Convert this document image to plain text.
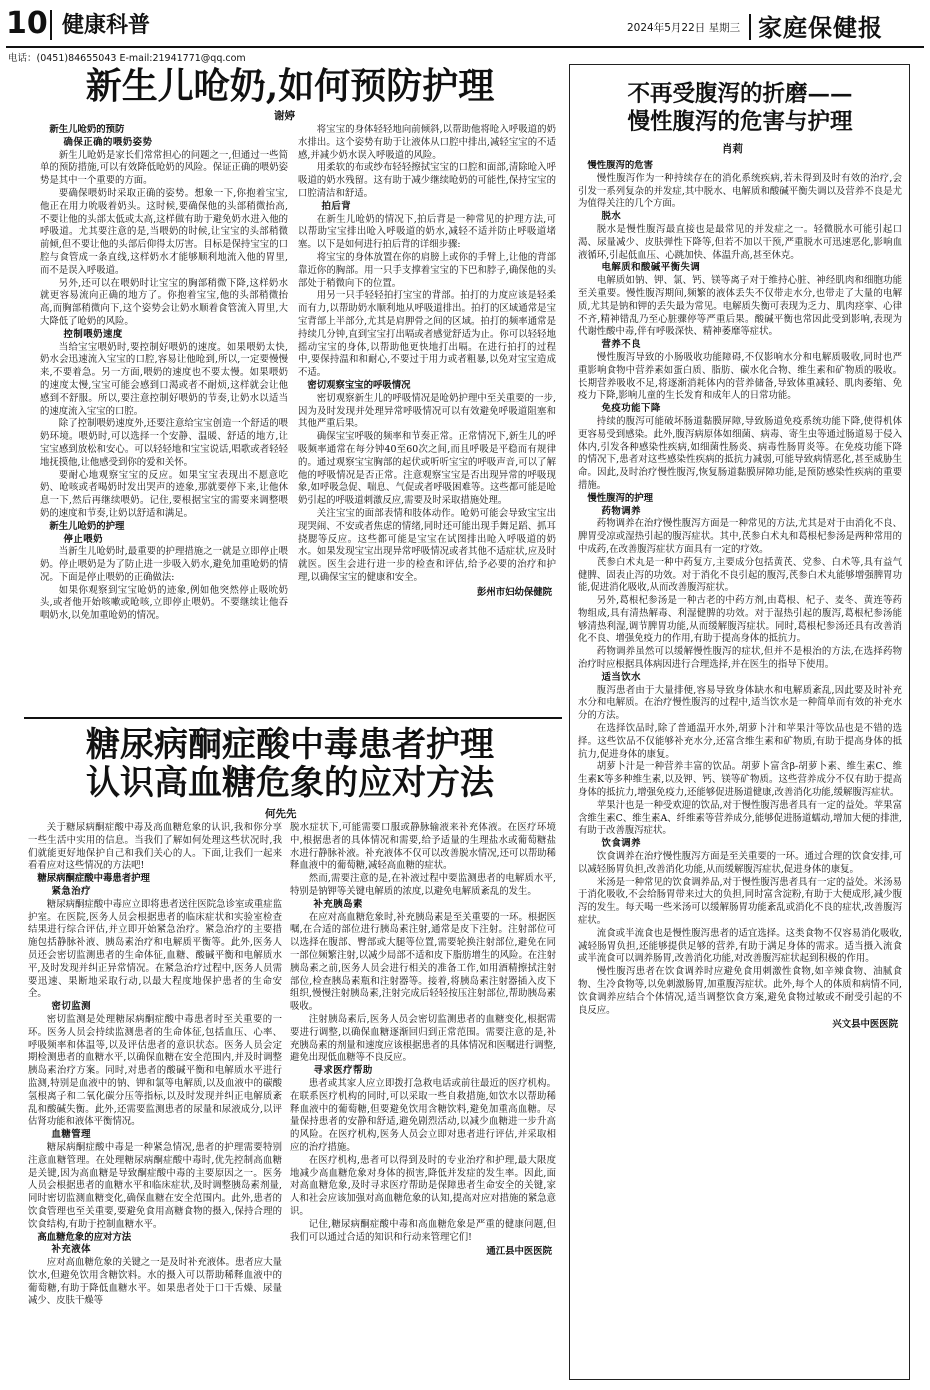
10 健康科普	2024年5月22日 星期三 家庭保健报
电话：(0451)84655043 E-mail:21941771@qq.com
新生儿呛奶,如何预防护理
谢婷

新生儿呛奶的预防

确保正确的喂奶姿势

新生儿呛奶是家长们常常担心的问题之一,但通过一些简单的预防措施,可以有效降低呛奶的风险。保证正确的喂奶姿势是其中一个重要的方面。

要确保喂奶时采取正确的姿势。想象一下,你抱着宝宝,他正在用力吮吸着奶头。这时候,要确保他的头部稍微抬高,不要让他的头部太低或太高,这样做有助于避免奶水进入他的呼吸道。尤其要注意的是,当喂奶的时候,让宝宝的头部稍微前倾,但不要让他的头部后仰得太厉害。目标是保持宝宝的口腔与食管成一条直线,这样奶水才能够顺利地流入他的胃里,而不是误入呼吸道。

另外,还可以在喂奶时让宝宝的胸部稍微下降,这样奶水就更容易流向正确的地方了。你抱着宝宝,他的头部稍微抬高,而胸部稍微向下,这个姿势会让奶水顺着食管流入胃里,大大降低了呛奶的风险。

控制喂奶速度

当给宝宝喂奶时,要控制好喂奶的速度。如果喂奶太快,奶水会迅速流入宝宝的口腔,容易让他呛到,所以,一定要慢慢来,不要着急。另一方面,喂奶的速度也不要太慢。如果喂奶的速度太慢,宝宝可能会感到口渴或者不耐烦,这样就会让他感到不舒服。所以,要注意控制好喂奶的节奏,让奶水以适当的速度流入宝宝的口腔。

除了控制喂奶速度外,还要注意给宝宝创造一个舒适的喂奶环境。喂奶时,可以选择一个安静、温暖、舒适的地方,让宝宝感到放松和安心。可以轻轻地和宝宝说话,唱歌或者轻轻地抚摸他,让他感受到你的爱和关怀。

要耐心地观察宝宝的反应。如果宝宝表现出不愿意吃奶、呛咳或者喝奶时发出哭声的迹象,那就要停下来,让他休息一下,然后再继续喂奶。记住,要根据宝宝的需要来调整喂奶的速度和节奏,让奶以舒适和满足。

新生儿呛奶的护理

停止喂奶

当新生儿呛奶时,最重要的护理措施之一就是立即停止喂奶。停止喂奶是为了防止进一步吸入奶水,避免加重呛奶的情况。下面是停止喂奶的正确做法:

如果你观察到宝宝呛奶的迹象,例如他突然停止吸吮奶头,或者他开始咳嗽或呛咳,立即停止喂奶。不要继续让他吞咽奶水,以免加重呛奶的情况。

将宝宝的身体轻轻地向前倾斜,以帮助他将呛入呼吸道的奶水排出。这个姿势有助于让液体从口腔中排出,减轻宝宝的不适感,并减少奶水误入呼吸道的风险。

用柔软的布或纱布轻轻擦拭宝宝的口腔和面部,清除呛入呼吸道的奶水残留。这有助于减少继续呛奶的可能性,保持宝宝的口腔清洁和舒适。

拍后背

在新生儿呛奶的情况下,拍后背是一种常见的护理方法,可以帮助宝宝排出呛入呼吸道的奶水,减轻不适并防止呼吸道堵塞。以下是如何进行拍后背的详细步骤:

将宝宝的身体放置在你的肩膀上或你的手臂上,让他的背部靠近你的胸部。用一只手支撑着宝宝的下巴和脖子,确保他的头部处于稍微向下的位置。

用另一只手轻轻拍打宝宝的背部。拍打的力度应该是轻柔而有力,以帮助奶水顺利地从呼吸道排出。拍打的区域通常是宝宝背部上半部分,尤其是肩胛骨之间的区域。拍打的频率通常是持续几分钟,直到宝宝打出嗝或者感觉舒适为止。你可以轻轻地摇动宝宝的身体,以帮助他更快地打出嗝。在进行拍打的过程中,要保持温和和耐心,不要过于用力或者粗暴,以免对宝宝造成不适。

密切观察宝宝的呼吸情况

密切观察新生儿的呼吸情况是呛奶护理中至关重要的一步,因为及时发现并处理异常呼吸情况可以有效避免呼吸道阻塞和其他严重后果。

确保宝宝呼吸的频率和节奏正常。正常情况下,新生儿的呼吸频率通常在每分钟40至60次之间,而且呼吸是平稳而有规律的。通过观察宝宝胸部的起伏或听听宝宝的呼吸声音,可以了解他的呼吸情况是否正常。注意观察宝宝是否出现异常的呼吸现象,如呼吸急促、喘息、气促或者呼吸困难等。这些都可能是呛奶引起的呼吸道刺激反应,需要及时采取措施处理。

关注宝宝的面部表情和肢体动作。呛奶可能会导致宝宝出现哭闹、不安或者焦虑的情绪,同时还可能出现手舞足蹈、抓耳挠腮等反应。这些都可能是宝宝在试图排出呛入呼吸道的奶水。如果发现宝宝出现异常呼吸情况或者其他不适症状,应及时就医。医生会进行进一步的检查和评估,给予必要的治疗和护理,以确保宝宝的健康和安全。

彭州市妇幼保健院

糖尿病酮症酸中毒患者护理
认识高血糖危象的应对方法
何先先

关于糖尿病酮症酸中毒及高血糖危象的认识,我和你分享一些生活中实用的信息。当我们了解如何处理这些状况时,我们就能更好地保护自己和我们关心的人。下面,让我们一起来看看应对这些情况的方法吧!

糖尿病酮症酸中毒患者护理

紧急治疗

糖尿病酮症酸中毒应立即将患者送往医院急诊室或重症监护室。在医院,医务人员会根据患者的临床症状和实验室检查结果进行综合评估,并立即开始紧急治疗。紧急治疗的主要措施包括静脉补液、胰岛素治疗和电解质平衡等。此外,医务人员还会密切监测患者的生命体征,血糖、酸碱平衡和电解质水平,及时发现并纠正异常情况。在紧急治疗过程中,医务人员需要迅速、果断地采取行动,以最大程度地保护患者的生命安全。

密切监测

密切监测是处理糖尿病酮症酸中毒患者时至关重要的一环。医务人员会持续监测患者的生命体征,包括血压、心率、呼吸频率和体温等,以及评估患者的意识状态。医务人员会定期检测患者的血糖水平,以确保血糖在安全范围内,并及时调整胰岛素治疗方案。同时,对患者的酸碱平衡和电解质水平进行监测,特别是血液中的钠、钾和氯等电解质,以及血液中的碳酸氢根离子和二氧化碳分压等指标,以及时发现并纠正电解质紊乱和酸碱失衡。此外,还需要监测患者的尿量和尿液成分,以评估肾功能和液体平衡情况。

血糖管理

糖尿病酮症酸中毒是一种紧急情况,患者的护理需要特别注意血糖管理。在处理糖尿病酮症酸中毒时,优先控制高血糖是关键,因为高血糖是导致酮症酸中毒的主要原因之一。医务人员会根据患者的血糖水平和临床症状,及时调整胰岛素剂量,同时密切监测血糖变化,确保血糖在安全范围内。此外,患者的饮食管理也至关重要,要避免食用高糖食物的摄入,保持合理的饮食结构,有助于控制血糖水平。

高血糖危象的应对方法

补充液体

应对高血糖危象的关键之一是及时补充液体。患者应大量饮水,但避免饮用含糖饮料。水的摄入可以帮助稀释血液中的葡萄糖,有助于降低血糖水平。如果患者处于口干舌燥、尿量减少、皮肤干燥等

脱水症状下,可能需要口服或静脉输液来补充体液。在医疗环境中,根据患者的具体情况和需要,给予适量的生理盐水或葡萄糖盐水进行静脉补液。补充液体不仅可以改善脱水情况,还可以帮助稀释血液中的葡萄糖,减轻高血糖的症状。

然而,需要注意的是,在补液过程中要监测患者的电解质水平,特别是钠钾等关键电解质的浓度,以避免电解质紊乱的发生。

补充胰岛素

在应对高血糖危象时,补充胰岛素是至关重要的一环。根据医嘱,在合适的部位进行胰岛素注射,通常是皮下注射。注射部位可以选择在腹部、臀部或大腿等位置,需要轮换注射部位,避免在同一部位频繁注射,以减少局部不适和皮下脂肪增生的风险。在注射胰岛素之前,医务人员会进行相关的准备工作,如用酒精擦拭注射部位,检查胰岛素瓶和注射器等。接着,将胰岛素注射器插入皮下组织,慢慢注射胰岛素,注射完成后轻轻按压注射部位,帮助胰岛素吸收。

注射胰岛素后,医务人员会密切监测患者的血糖变化,根据需要进行调整,以确保血糖逐渐回归到正常范围。需要注意的是,补充胰岛素的剂量和速度应该根据患者的具体情况和医嘱进行调整,避免出现低血糖等不良反应。

寻求医疗帮助

患者或其家人应立即拨打急救电话或前往最近的医疗机构。在联系医疗机构的同时,可以采取一些自救措施,如饮水以帮助稀释血液中的葡萄糖,但要避免饮用含糖饮料,避免加重高血糖。尽量保持患者的安静和舒适,避免剧烈活动,以减少血糖进一步升高的风险。在医疗机构,医务人员会立即对患者进行评估,并采取相应的治疗措施。

在医疗机构,患者可以得到及时的专业治疗和护理,最大限度地减少高血糖危象对身体的损害,降低并发症的发生率。因此,面对高血糖危象,及时寻求医疗帮助是保障患者生命安全的关键,家人和社会应该加强对高血糖危象的认知,提高对应对措施的紧急意识。

记住,糖尿病酮症酸中毒和高血糖危象是严重的健康问题,但我们可以通过合适的知识和行动来管理它们!

通江县中医医院

不再受腹泻的折磨——
慢性腹泻的危害与护理
肖莉

慢性腹泻的危害

慢性腹泻作为一种持续存在的消化系统疾病,若未得到及时有效的治疗,会引发一系列复杂的并发症,其中脱水、电解质和酸碱平衡失调以及营养不良是尤为值得关注的几个方面。

脱水

脱水是慢性腹泻最直接也是最常见的并发症之一。轻微脱水可能引起口渴、尿量减少、皮肤弹性下降等,但若不加以干预,严重脱水可迅速恶化,影响血液循环,引起低血压、心跳加快、体温升高,甚至休克。

电解质和酸碱平衡失调

电解质如钠、钾、氯、钙、镁等离子对于维持心脏、神经肌肉和细胞功能至关重要。慢性腹泻期间,频繁的液体丢失不仅带走水分,也带走了大量的电解质,尤其是钠和钾的丢失最为常见。电解质失衡可表现为乏力、肌肉痉挛、心律不齐,精神错乱乃至心脏骤停等严重后果。酸碱平衡也常因此受到影响,表现为代谢性酸中毒,伴有呼吸深快、精神萎靡等症状。

营养不良

慢性腹泻导致的小肠吸收功能障碍,不仅影响水分和电解质吸收,同时也严重影响食物中营养素如蛋白质、脂肪、碳水化合物、维生素和矿物质的吸收。长期营养吸收不足,将逐渐消耗体内的营养储备,导致体重减轻、肌肉萎缩、免疫力下降,影响儿童的生长发育和成年人的日常功能。

免疫功能下降

持续的腹泻可能破坏肠道黏膜屏障,导致肠道免疫系统功能下降,使得机体更容易受到感染。此外,腹泻病原体如细菌、病毒、寄生虫等通过肠道易于侵入体内,引发各种感染性疾病,如细菌性肠炎、病毒性肠胃炎等。在免疫功能下降的情况下,患者对这些感染性疾病的抵抗力减弱,可能导致病情恶化,甚至威胁生命。因此,及时治疗慢性腹泻,恢复肠道黏膜屏障功能,是预防感染性疾病的重要措施。

慢性腹泻的护理

药物调养

药物调养在治疗慢性腹泻方面是一种常见的方法,尤其是对于由消化不良、脾胃受凉或湿热引起的腹泻症状。其中,芪参白术丸和葛根杞参汤是两种常用的中成药,在改善腹泻症状方面具有一定的疗效。

芪参白术丸是一种中药复方,主要成分包括黄芪、党参、白术等,具有益气健脾、固表止泻的功效。对于消化不良引起的腹泻,芪参白术丸能够增强脾胃功能,促进消化吸收,从而改善腹泻症状。

另外,葛根杞参汤是一种古老的中药方剂,由葛根、杞子、麦冬、黄连等药物组成,具有清热解毒、利湿健脾的功效。对于湿热引起的腹泻,葛根杞参汤能够清热利湿,调节脾胃功能,从而缓解腹泻症状。同时,葛根杞参汤还具有改善消化不良、增强免疫力的作用,有助于提高身体的抵抗力。

药物调养虽然可以缓解慢性腹泻的症状,但并不是根治的方法,在选择药物治疗时应根据具体病因进行合理选择,并在医生的指导下使用。

适当饮水

腹泻患者由于大量排便,容易导致身体缺水和电解质紊乱,因此要及时补充水分和电解质。在治疗慢性腹泻的过程中,适当饮水是一种简单而有效的补充水分的方法。

在选择饮品时,除了普通温开水外,胡萝卜汁和苹果汁等饮品也是不错的选择。这些饮品不仅能够补充水分,还富含维生素和矿物质,有助于提高身体的抵抗力,促进身体的康复。

胡萝卜汁是一种营养丰富的饮品。胡萝卜富含β-胡萝卜素、维生素C、维生素K等多种维生素,以及钾、钙、镁等矿物质。这些营养成分不仅有助于提高身体的抵抗力,增强免疫力,还能够促进肠道健康,改善消化功能,缓解腹泻症状。

苹果汁也是一种受欢迎的饮品,对于慢性腹泻患者具有一定的益处。苹果富含维生素C、维生素A、纤维素等营养成分,能够促进肠道蠕动,增加大便的排泄,有助于改善腹泻症状。

饮食调养

饮食调养在治疗慢性腹泻方面是至关重要的一环。通过合理的饮食安排,可以减轻肠胃负担,改善消化功能,从而缓解腹泻症状,促进身体的康复。

米汤是一种常见的饮食调养品,对于慢性腹泻患者具有一定的益处。米汤易于消化吸收,不会给肠胃带来过大的负担,同时富含淀粉,有助于大便成形,减少腹泻的发生。每天喝一些米汤可以缓解肠胃功能紊乱或消化不良的症状,改善腹泻症状。

流食或半流食也是慢性腹泻患者的适宜选择。这类食物不仅容易消化吸收,减轻肠胃负担,还能够提供足够的营养,有助于满足身体的需求。适当摄入流食或半流食可以调养肠胃,改善消化功能,对改善腹泻症状起到积极的作用。

慢性腹泻患者在饮食调养时应避免食用刺激性食物,如辛辣食物、油腻食物、生冷食物等,以免刺激肠胃,加重腹泻症状。此外,每个人的体质和病情不同,饮食调养应结合个体情况,适当调整饮食方案,避免食物过敏或不耐受引起的不良反应。

兴文县中医医院
